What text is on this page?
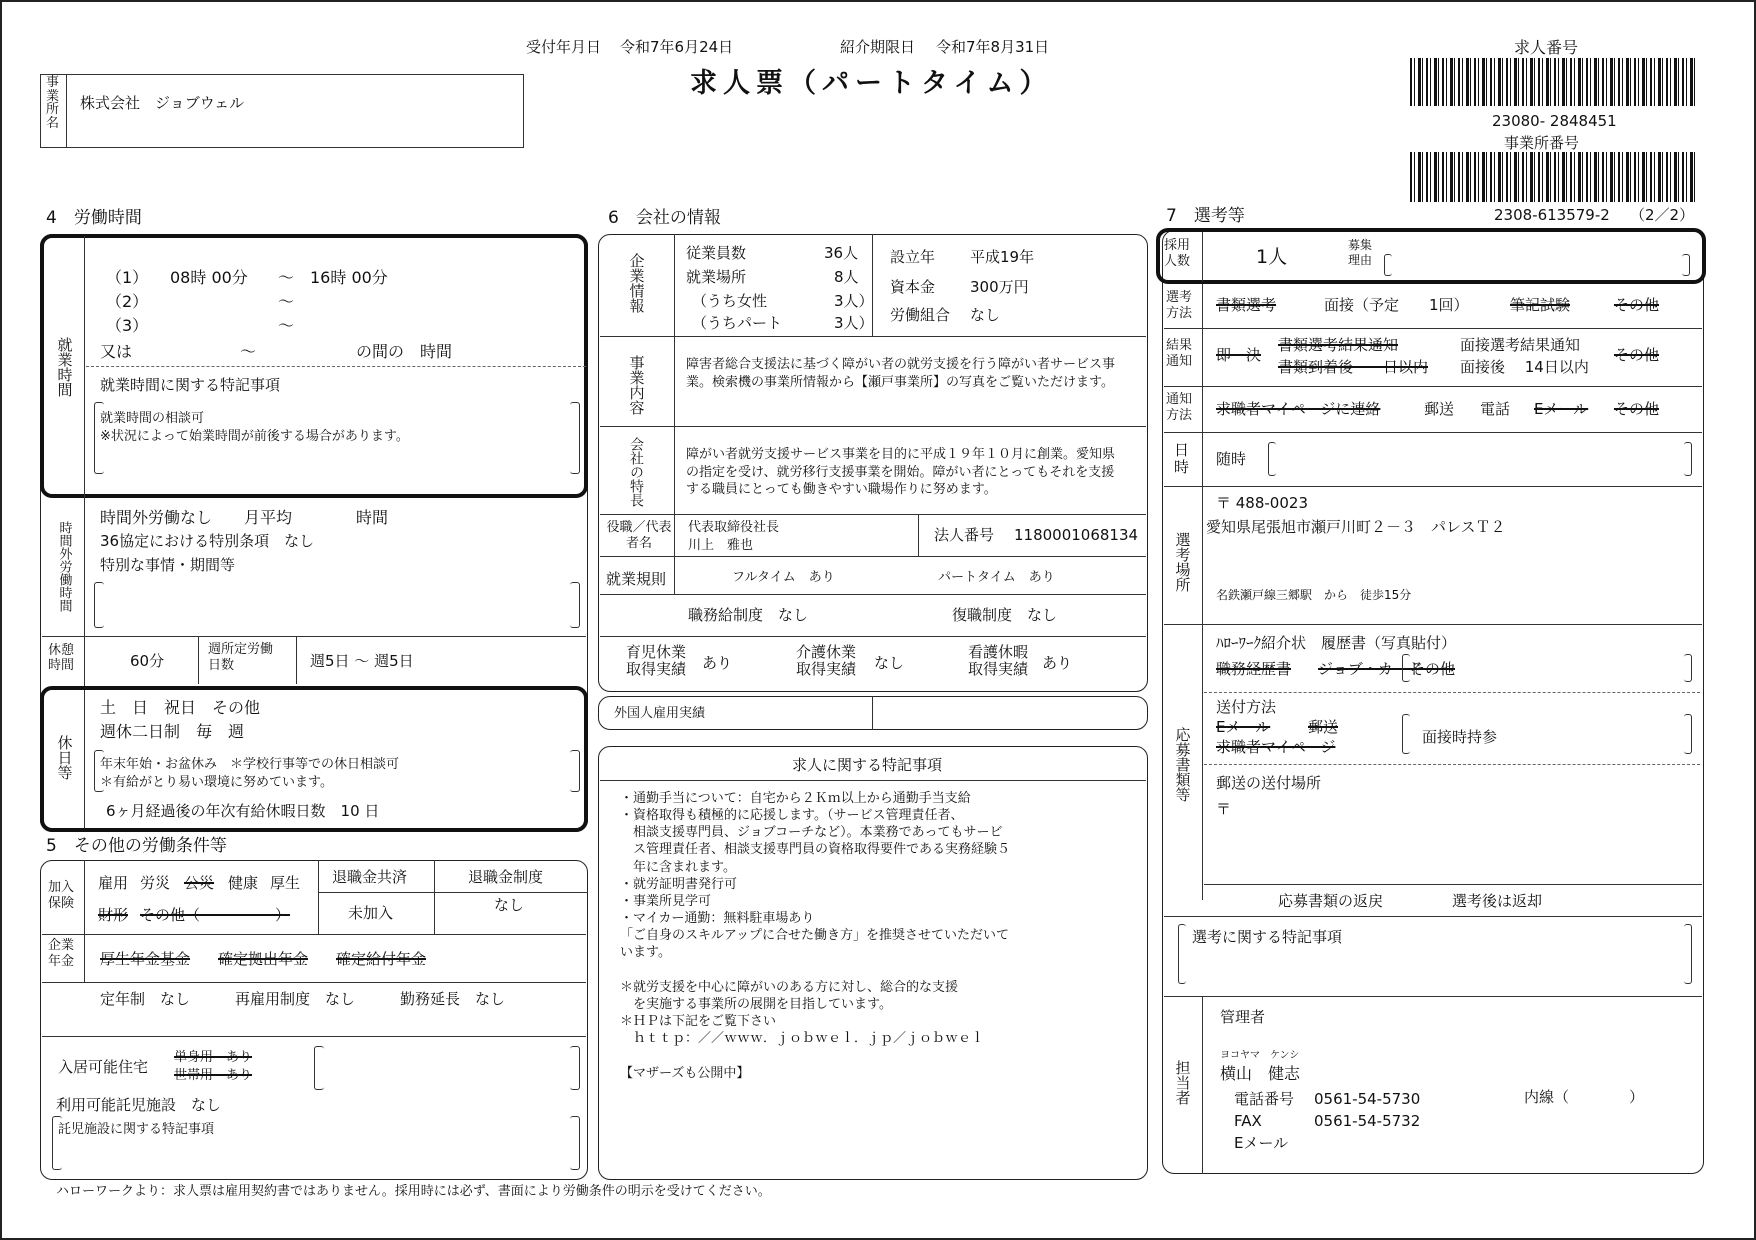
受付年月日 令和7年6月24日	紹介期限日 令和7年8月31日
求人票（パートタイム）
求人番号
23080- 2848451
事業所番号
2308-613579-2 （2／2）
事業所名
株式会社　ジョブウェル
4　労働時間
就業時間
（1） 08時 00分 ～ 16時 00分
（2）	～
（3）	～
又は	～	の間の　時間
就業時間に関する特記事項
就業時間の相談可
※状況によって始業時間が前後する場合があります。
時間外労働時間
時間外労働なし　　月平均　　　　時間
36協定における特別条項　なし
特別な事情・期間等
休憩時間	60分
週所定労働日数	週5日 ～ 週5日
休日等
土　日　祝日　その他
週休二日制　毎　週
年末年始・お盆休み　＊学校行事等での休日相談可
＊有給がとり易い環境に努めています。
6ヶ月経過後の年次有給休暇日数　10 日
5　その他の労働条件等
加入保険
雇用 労災 公災 健康 厚生
財形 その他（　　　　　）
退職金共済
未加入
退職金制度
なし
企業年金	厚生年金基金 確定拠出年金 確定給付年金
定年制　なし　　　再雇用制度　なし　　　勤務延長　なし
入居可能住宅
単身用　あり
世帯用　あり
利用可能託児施設　なし
託児施設に関する特記事項
6　会社の情報
企業情報	従業員数	36人
就業場所	8人
（うち女性	3人）
（うちパート	3人）
設立年 平成19年
資本金 300万円
労働組合 なし
事業内容	障害者総合支援法に基づく障がい者の就労支援を行う障がい者サービス事業。検索機の事業所情報から【瀬戸事業所】の写真をご覧いただけます。
会社の特長	障がい者就労支援サービス事業を目的に平成１９年１０月に創業。愛知県の指定を受け、就労移行支援事業を開始。障がい者にとってもそれを支援する職員にとっても働きやすい職場作りに努めます。
役職／代表者名
代表取締役社長
川上　雅也
法人番号 1180001068134
就業規則	フルタイム　あり	パートタイム　あり
職務給制度　なし	復職制度　なし
育児休業取得実績	あり
介護休業取得実績	なし
看護休暇取得実績 あり
外国人雇用実績
求人に関する特記事項
・通勤手当について：自宅から２Ｋｍ以上から通勤手当支給
・資格取得も積極的に応援します。（サービス管理責任者、
　相談支援専門員、ジョブコーチなど）。本業務であってもサービ
　ス管理責任者、相談支援専門員の資格取得要件である実務経験５
　年に含まれます。
・就労証明書発行可
・事業所見学可
・マイカー通勤：無料駐車場あり
「ご自身のスキルアップに合せた働き方」を推奨させていただいて
います。

＊就労支援を中心に障がいのある方に対し、総合的な支援
　を実施する事業所の展開を目指しています。
＊ＨＰは下記をご覧下さい
　ｈｔｔｐ：／／ｗｗｗ．ｊｏｂｗｅｌ．ｊｐ／ｊｏｂｗｅｌ

【マザーズも公開中】
7　選考等
採用人数	1人
募集理由
選考方法	書類選考	面接（予定　　1回）	筆記試験	その他
結果通知	即　決
書類選考結果通知
書類到着後　　日以内
面接選考結果通知
面接後　 14日以内
その他
通知方法	求職者マイページに連絡	郵送 電話 Eメール その他
日時 随時
選考場所
〒 488-0023
愛知県尾張旭市瀬戸川町２－３　パレスＴ２
名鉄瀬戸線三郷駅　から　徒歩15分
応募書類等
ﾊﾛｰﾜｰｸ紹介状　履歴書（写真貼付）
職務経歴書 ジョブ・カード
その他
送付方法
Eメール	郵送
求職者マイページ
面接時持参
郵送の送付場所
〒
応募書類の返戻	選考後は返却
選考に関する特記事項
担当者
管理者
ヨコヤマ　ケンシ
横山　健志
電話番号 0561-54-5730	内線（　　　　）
FAX	0561-54-5732
Eメール
ハローワークより：求人票は雇用契約書ではありません。採用時には必ず、書面により労働条件の明示を受けてください。
